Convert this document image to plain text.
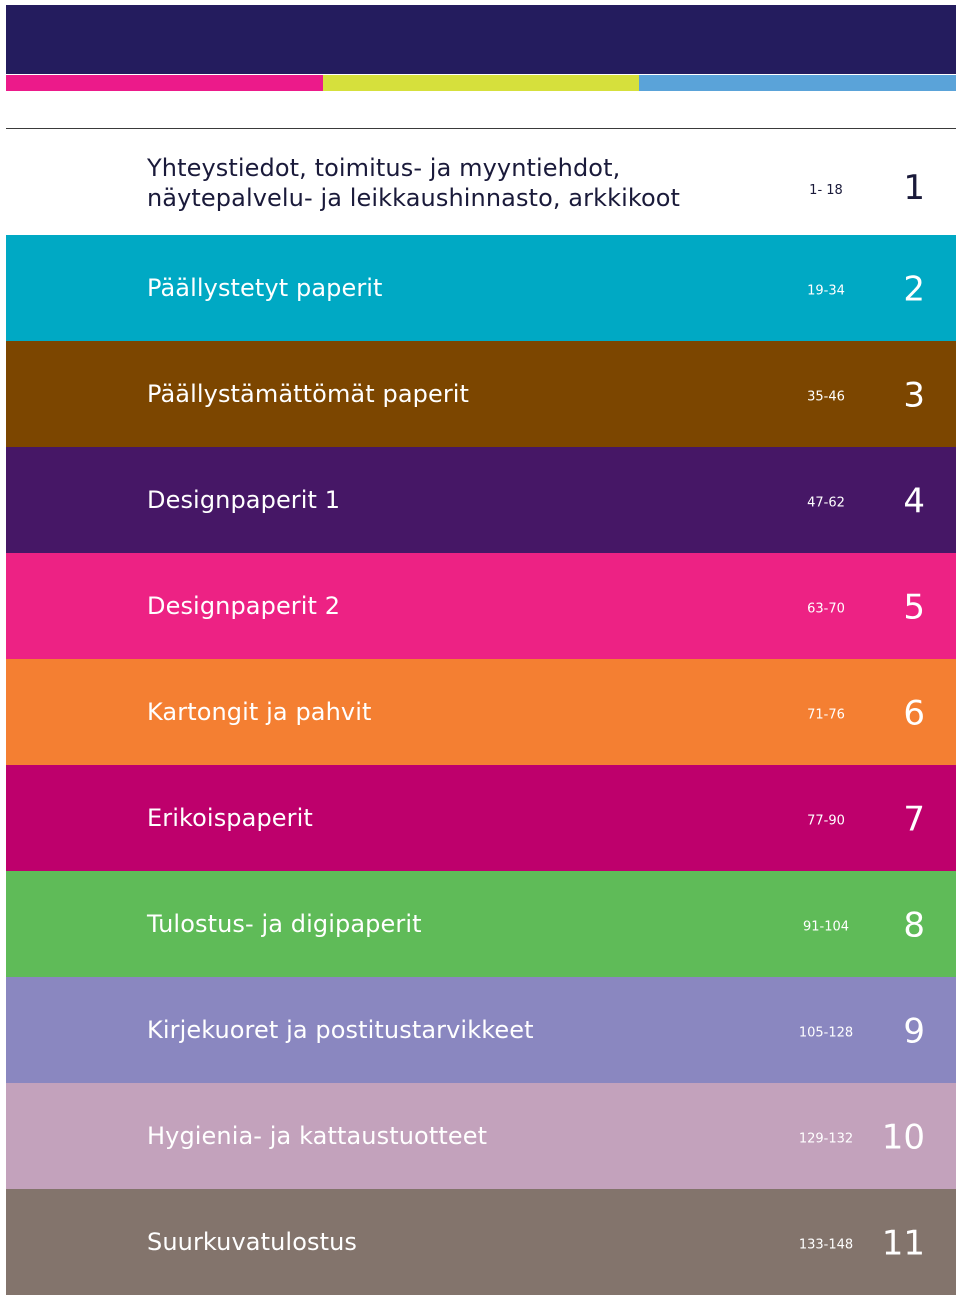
Yhteystiedot, toimitus- ja myyntiehdot,
näytepalvelu- ja leikkaushinnasto, arkkikoot	1- 18 1
Päällystetyt paperit	19-34 2
Päällystämättömät paperit	35-46 3
Designpaperit 1	47-62 4
Designpaperit 2	63-70 5
Kartongit ja pahvit	71-76 6
Erikoispaperit	77-90 7
Tulostus- ja digipaperit	91-104 8
Kirjekuoret ja postitustarvikkeet	105-128 9
Hygienia- ja kattaustuotteet	129-132 10
Suurkuvatulostus	133-148 11
